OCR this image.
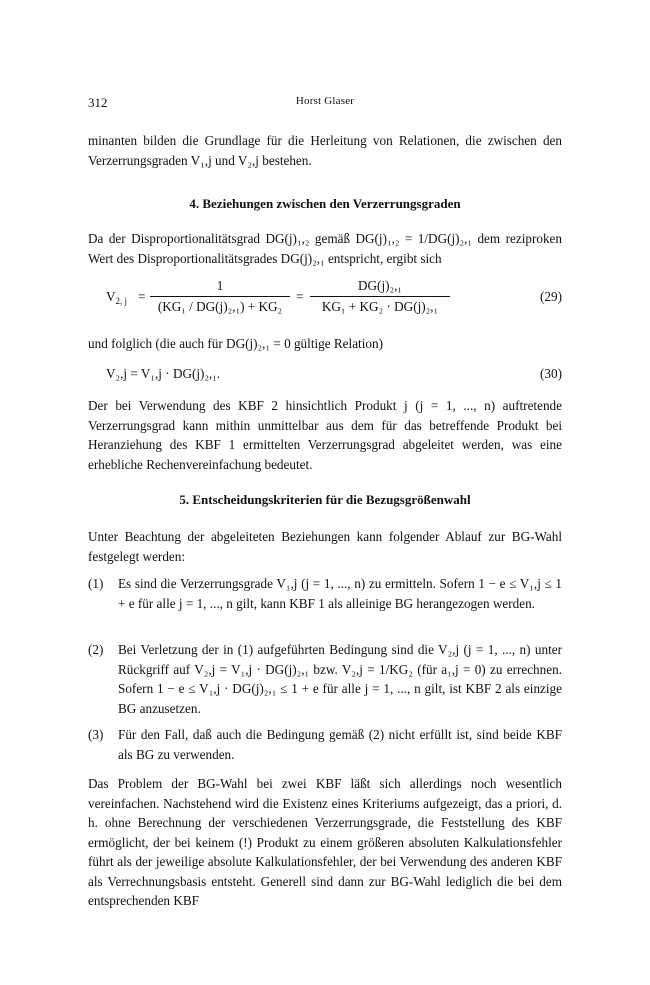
312	Horst Glaser
minanten bilden die Grundlage für die Herleitung von Relationen, die zwischen den Verzerrungsgraden V₁,j und V₂,j bestehen.
4. Beziehungen zwischen den Verzerrungsgraden
Da der Disproportionalitätsgrad DG(j)₁,₂ gemäß DG(j)₁,₂ = 1/DG(j)₂,₁ dem reziproken Wert des Disproportionalitätsgrades DG(j)₂,₁ entspricht, ergibt sich
$V_{2, j}$ =
1
(KG₁ / DG(j)₂,₁) + KG₂
=
DG(j)₂,₁
KG₁ + KG₂ · DG(j)₂,₁
(29)
und folglich (die auch für DG(j)₂,₁ = 0 gültige Relation)
V₂,j = V₁,j · DG(j)₂,₁.	(30)
Der bei Verwendung des KBF 2 hinsichtlich Produkt j (j = 1, ..., n) auftretende Verzerrungsgrad kann mithin unmittelbar aus dem für das betreffende Produkt bei Heranziehung des KBF 1 ermittelten Verzerrungsgrad abgeleitet werden, was eine erhebliche Rechenvereinfachung bedeutet.
5. Entscheidungskriterien für die Bezugsgrößenwahl
Unter Beachtung der abgeleiteten Beziehungen kann folgender Ablauf zur BG-Wahl festgelegt werden:
(1) Es sind die Verzerrungsgrade V₁,j (j = 1, ..., n) zu ermitteln. Sofern 1 − e ≤ V₁,j ≤ 1 + e für alle j = 1, ..., n gilt, kann KBF 1 als alleinige BG herangezogen werden.
(2) Bei Verletzung der in (1) aufgeführten Bedingung sind die V₂,j (j = 1, ..., n) unter Rückgriff auf V₂,j = V₁,j · DG(j)₂,₁ bzw. V₂,j = 1/KG₂ (für a₁,j = 0) zu errechnen. Sofern 1 − e ≤ V₁,j · DG(j)₂,₁ ≤ 1 + e für alle j = 1, ..., n gilt, ist KBF 2 als einzige BG anzusetzen.
(3) Für den Fall, daß auch die Bedingung gemäß (2) nicht erfüllt ist, sind beide KBF als BG zu verwenden.
Das Problem der BG-Wahl bei zwei KBF läßt sich allerdings noch wesentlich vereinfachen. Nachstehend wird die Existenz eines Kriteriums aufgezeigt, das a priori, d. h. ohne Berechnung der verschiedenen Verzerrungsgrade, die Feststellung des KBF ermöglicht, der bei keinem (!) Produkt zu einem größeren absoluten Kalkulationsfehler führt als der jeweilige absolute Kalkulationsfehler, der bei Verwendung des anderen KBF als Verrechnungsbasis entsteht. Generell sind dann zur BG-Wahl lediglich die bei dem entsprechenden KBF
